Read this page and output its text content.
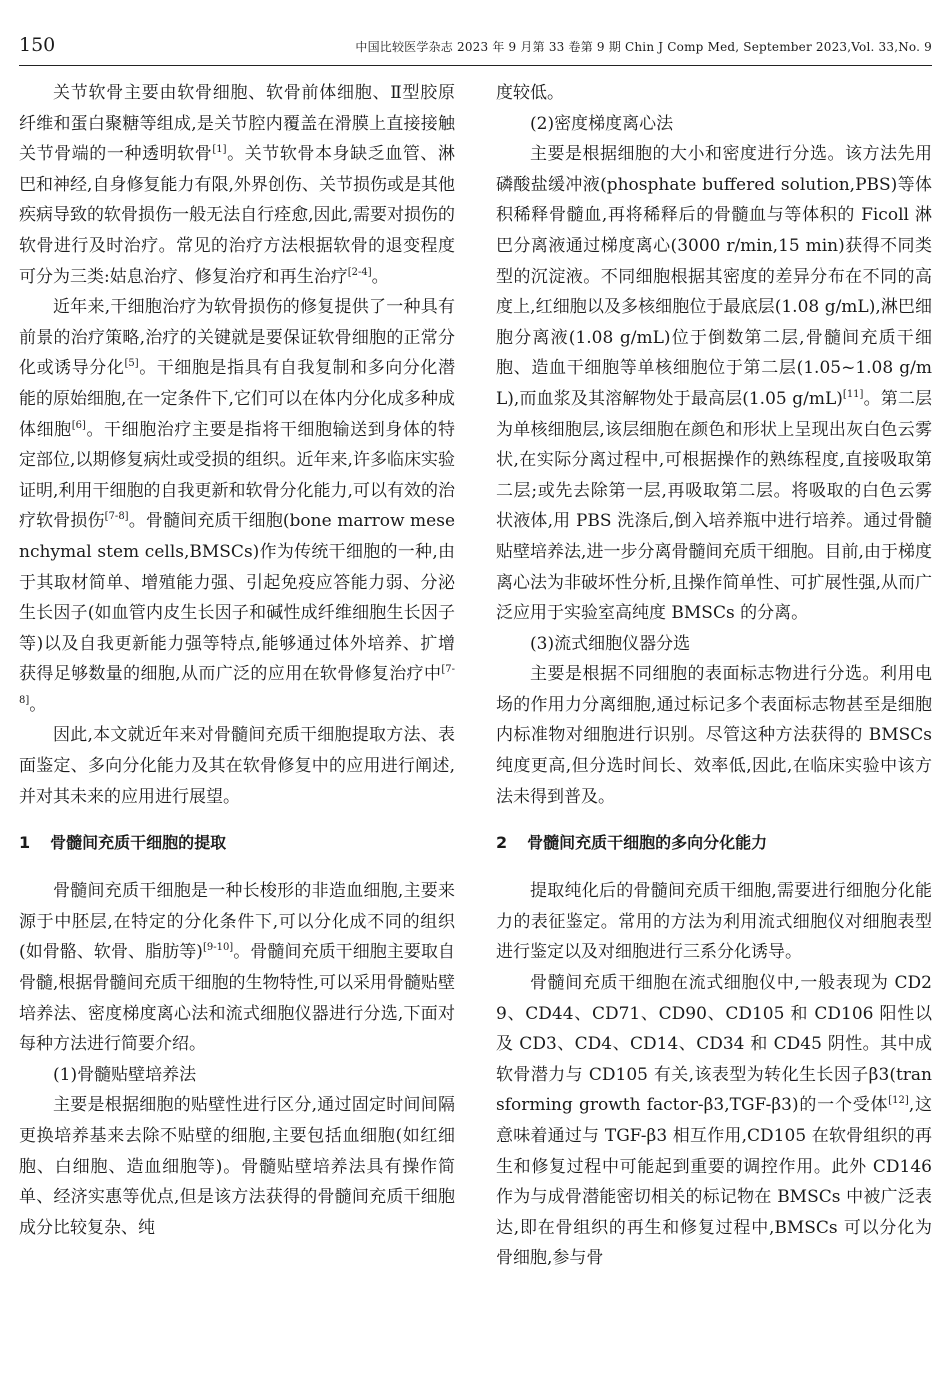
150	中国比较医学杂志 2023 年 9 月第 33 卷第 9 期 Chin J Comp Med, September 2023,Vol. 33,No. 9

关节软骨主要由软骨细胞、软骨前体细胞、Ⅱ型胶原纤维和蛋白聚糖等组成,是关节腔内覆盖在滑膜上直接接触关节骨端的一种透明软骨[1]。关节软骨本身缺乏血管、淋巴和神经,自身修复能力有限,外界创伤、关节损伤或是其他疾病导致的软骨损伤一般无法自行痊愈,因此,需要对损伤的软骨进行及时治疗。常见的治疗方法根据软骨的退变程度可分为三类:姑息治疗、修复治疗和再生治疗[2-4]。

近年来,干细胞治疗为软骨损伤的修复提供了一种具有前景的治疗策略,治疗的关键就是要保证软骨细胞的正常分化或诱导分化[5]。干细胞是指具有自我复制和多向分化潜能的原始细胞,在一定条件下,它们可以在体内分化成多种成体细胞[6]。干细胞治疗主要是指将干细胞输送到身体的特定部位,以期修复病灶或受损的组织。近年来,许多临床实验证明,利用干细胞的自我更新和软骨分化能力,可以有效的治疗软骨损伤[7-8]。骨髓间充质干细胞(bone marrow mesenchymal stem cells,BMSCs)作为传统干细胞的一种,由于其取材简单、增殖能力强、引起免疫应答能力弱、分泌生长因子(如血管内皮生长因子和碱性成纤维细胞生长因子等)以及自我更新能力强等特点,能够通过体外培养、扩增获得足够数量的细胞,从而广泛的应用在软骨修复治疗中[7-8]。

因此,本文就近年来对骨髓间充质干细胞提取方法、表面鉴定、多向分化能力及其在软骨修复中的应用进行阐述,并对其未来的应用进行展望。

1 骨髓间充质干细胞的提取

骨髓间充质干细胞是一种长梭形的非造血细胞,主要来源于中胚层,在特定的分化条件下,可以分化成不同的组织(如骨骼、软骨、脂肪等)[9-10]。骨髓间充质干细胞主要取自骨髓,根据骨髓间充质干细胞的生物特性,可以采用骨髓贴壁培养法、密度梯度离心法和流式细胞仪器进行分选,下面对每种方法进行简要介绍。

(1)骨髓贴壁培养法

主要是根据细胞的贴壁性进行区分,通过固定时间间隔更换培养基来去除不贴壁的细胞,主要包括血细胞(如红细胞、白细胞、造血细胞等)。骨髓贴壁培养法具有操作简单、经济实惠等优点,但是该方法获得的骨髓间充质干细胞成分比较复杂、纯

度较低。

(2)密度梯度离心法

主要是根据细胞的大小和密度进行分选。该方法先用磷酸盐缓冲液(phosphate buffered solution,PBS)等体积稀释骨髓血,再将稀释后的骨髓血与等体积的 Ficoll 淋巴分离液通过梯度离心(3000 r/min,15 min)获得不同类型的沉淀液。不同细胞根据其密度的差异分布在不同的高度上,红细胞以及多核细胞位于最底层(1.08 g/mL),淋巴细胞分离液(1.08 g/mL)位于倒数第二层,骨髓间充质干细胞、造血干细胞等单核细胞位于第二层(1.05~1.08 g/mL),而血浆及其溶解物处于最高层(1.05 g/mL)[11]。第二层为单核细胞层,该层细胞在颜色和形状上呈现出灰白色云雾状,在实际分离过程中,可根据操作的熟练程度,直接吸取第二层;或先去除第一层,再吸取第二层。将吸取的白色云雾状液体,用 PBS 洗涤后,倒入培养瓶中进行培养。通过骨髓贴壁培养法,进一步分离骨髓间充质干细胞。目前,由于梯度离心法为非破坏性分析,且操作简单性、可扩展性强,从而广泛应用于实验室高纯度 BMSCs 的分离。

(3)流式细胞仪器分选

主要是根据不同细胞的表面标志物进行分选。利用电场的作用力分离细胞,通过标记多个表面标志物甚至是细胞内标准物对细胞进行识别。尽管这种方法获得的 BMSCs 纯度更高,但分选时间长、效率低,因此,在临床实验中该方法未得到普及。

2 骨髓间充质干细胞的多向分化能力

提取纯化后的骨髓间充质干细胞,需要进行细胞分化能力的表征鉴定。常用的方法为利用流式细胞仪对细胞表型进行鉴定以及对细胞进行三系分化诱导。

骨髓间充质干细胞在流式细胞仪中,一般表现为 CD29、CD44、CD71、CD90、CD105 和 CD106 阳性以及 CD3、CD4、CD14、CD34 和 CD45 阴性。其中成软骨潜力与 CD105 有关,该表型为转化生长因子β3(transforming growth factor-β3,TGF-β3)的一个受体[12],这意味着通过与 TGF-β3 相互作用,CD105 在软骨组织的再生和修复过程中可能起到重要的调控作用。此外 CD146 作为与成骨潜能密切相关的标记物在 BMSCs 中被广泛表达,即在骨组织的再生和修复过程中,BMSCs 可以分化为骨细胞,参与骨
